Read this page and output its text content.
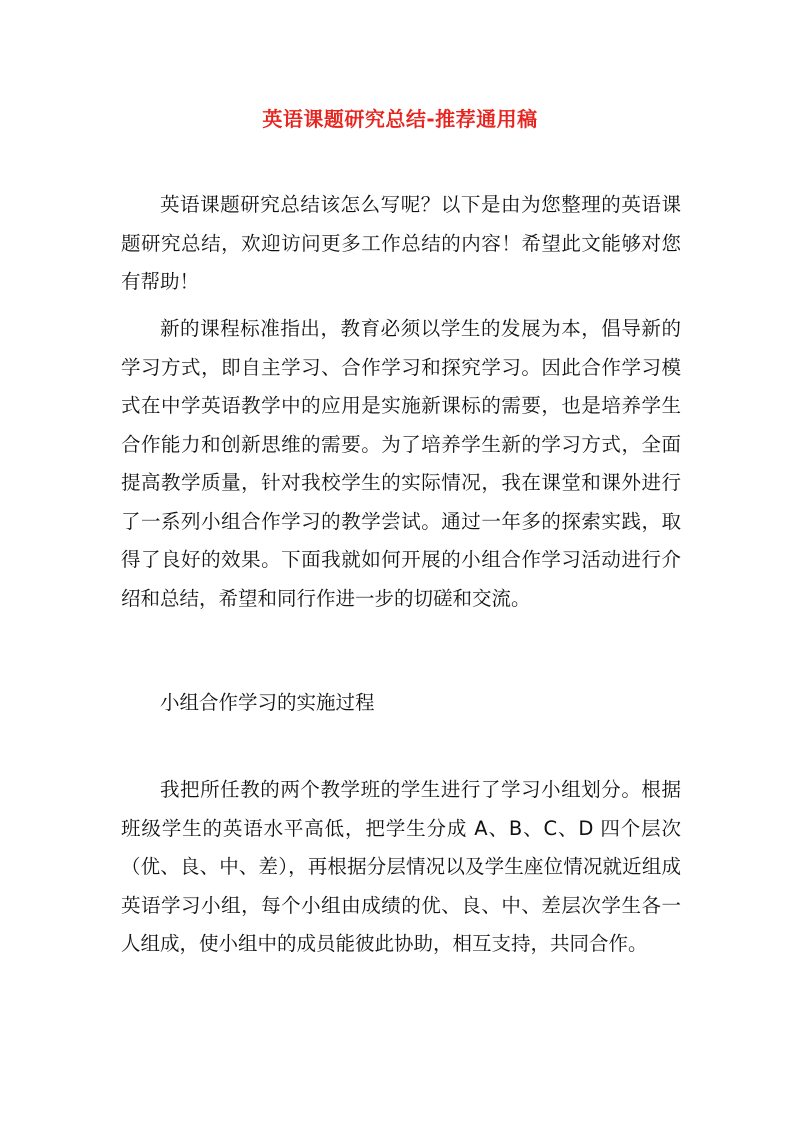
英语课题研究总结-推荐通用稿

英语课题研究总结该怎么写呢？以下是由为您整理的英语课题研究总结，欢迎访问更多工作总结的内容！希望此文能够对您有帮助！

新的课程标准指出，教育必须以学生的发展为本，倡导新的学习方式，即自主学习、合作学习和探究学习。因此合作学习模式在中学英语教学中的应用是实施新课标的需要，也是培养学生合作能力和创新思维的需要。为了培养学生新的学习方式，全面提高教学质量，针对我校学生的实际情况，我在课堂和课外进行了一系列小组合作学习的教学尝试。通过一年多的探索实践，取得了良好的效果。下面我就如何开展的小组合作学习活动进行介绍和总结，希望和同行作进一步的切磋和交流。

小组合作学习的实施过程

我把所任教的两个教学班的学生进行了学习小组划分。根据班级学生的英语水平高低，把学生分成 A、B、C、D 四个层次（优、良、中、差），再根据分层情况以及学生座位情况就近组成英语学习小组，每个小组由成绩的优、良、中、差层次学生各一人组成，使小组中的成员能彼此协助，相互支持，共同合作。
